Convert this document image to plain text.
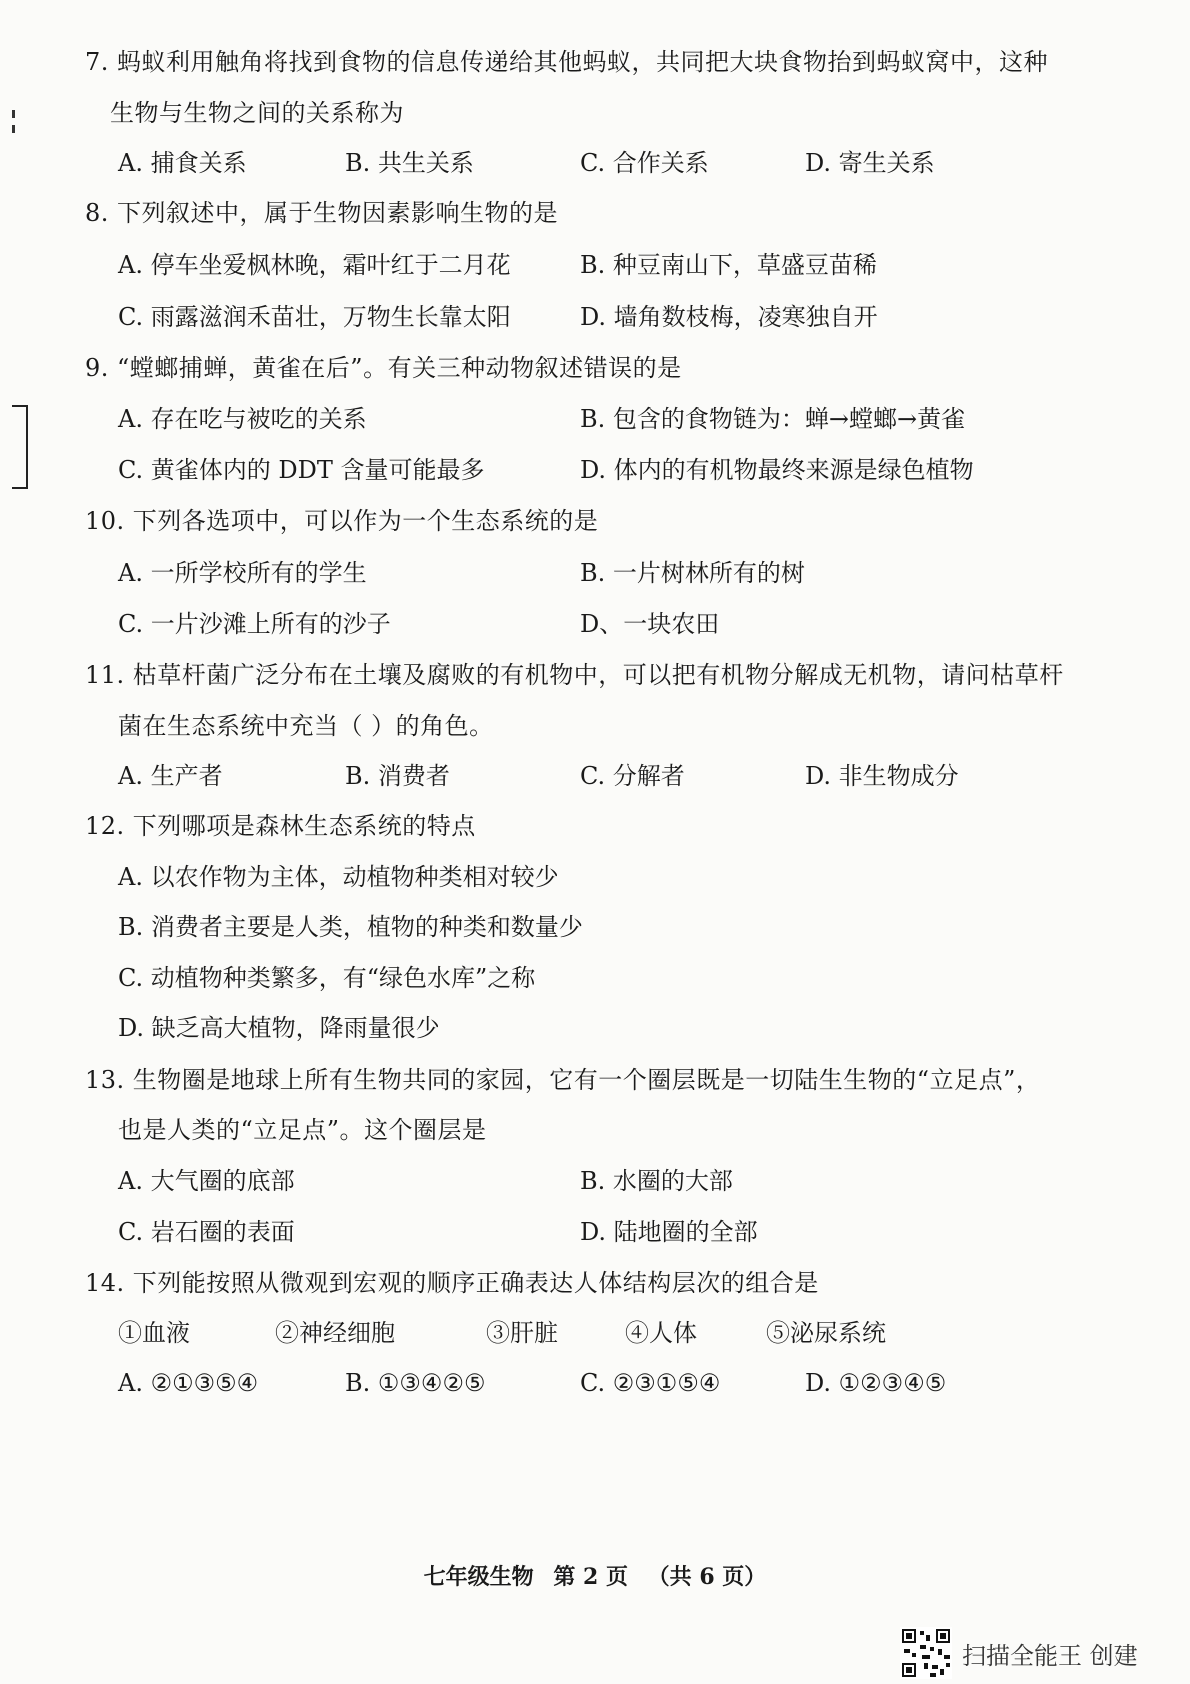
7. 蚂蚁利用触角将找到食物的信息传递给其他蚂蚁，共同把大块食物抬到蚂蚁窝中，这种
生物与生物之间的关系称为
A. 捕食关系	B. 共生关系	C. 合作关系	D. 寄生关系
8. 下列叙述中，属于生物因素影响生物的是
A. 停车坐爱枫林晚，霜叶红于二月花	B. 种豆南山下，草盛豆苗稀
C. 雨露滋润禾苗壮，万物生长靠太阳	D. 墙角数枝梅，凌寒独自开
9. “螳螂捕蝉，黄雀在后”。有关三种动物叙述错误的是
A. 存在吃与被吃的关系	B. 包含的食物链为：蝉→螳螂→黄雀
C. 黄雀体内的 DDT 含量可能最多	D. 体内的有机物最终来源是绿色植物
10. 下列各选项中，可以作为一个生态系统的是
A. 一所学校所有的学生	B. 一片树林所有的树
C. 一片沙滩上所有的沙子	D、一块农田
11. 枯草杆菌广泛分布在土壤及腐败的有机物中，可以把有机物分解成无机物，请问枯草杆
菌在生态系统中充当（ ）的角色。
A. 生产者	B. 消费者	C. 分解者	D. 非生物成分
12. 下列哪项是森林生态系统的特点
A. 以农作物为主体，动植物种类相对较少
B. 消费者主要是人类，植物的种类和数量少
C. 动植物种类繁多，有“绿色水库”之称
D. 缺乏高大植物，降雨量很少
13. 生物圈是地球上所有生物共同的家园，它有一个圈层既是一切陆生生物的“立足点”，
也是人类的“立足点”。这个圈层是
A. 大气圈的底部	B. 水圈的大部
C. 岩石圈的表面	D. 陆地圈的全部
14. 下列能按照从微观到宏观的顺序正确表达人体结构层次的组合是
①血液	②神经细胞	③肝脏	④人体	⑤泌尿系统
A. ②①③⑤④	B. ①③④②⑤	C. ②③①⑤④	D. ①②③④⑤
七年级生物 第 2 页 （共 6 页）
扫描全能王 创建
